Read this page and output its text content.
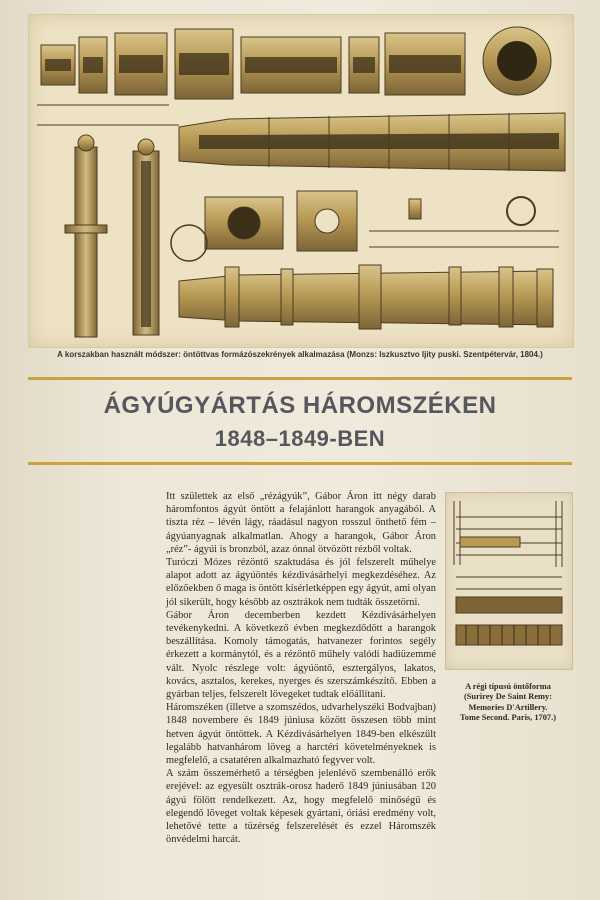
A korszakban használt módszer: öntöttvas formázószekrények alkalmazása (Monzs: Iszkusztvo ljity puski. Szentpétervár, 1804.)
ÁGYÚGYÁRTÁS HÁROMSZÉKEN
1848–1849-BEN

Itt születtek az első „rézágyúk”, Gábor Áron itt négy darab háromfontos ágyút öntött a felajánlott harangok anyagából. A tiszta réz – lévén lágy, ráadásul nagyon rosszul önthető fém – ágyúanyagnak alkalmatlan. Ahogy a harangok, Gábor Áron „réz”- ágyúi is bronzból, azaz ónnal ötvözött rézből voltak.

Turóczi Mózes rézöntő szaktudása és jól felszerelt műhelye alapot adott az ágyúöntés kézdivásárhelyi megkezdéséhez. Az előzőekben ő maga is öntött kísérletképpen egy ágyút, ami olyan jól sikerült, hogy később az osztrákok nem tudták összetörni.

Gábor Áron decemberben kezdett Kézdivásárhelyen tevékenykedni. A következő évben megkezdődött a harangok beszállítása. Komoly támogatás, hatvanezer forintos segély érkezett a kormánytól, és a rézöntő műhely valódi hadiüzemmé vált. Nyolc részlege volt: ágyúöntő, esztergályos, lakatos, kovács, asztalos, kerekes, nyerges és szerszámkészítő. Ebben a gyárban teljes, felszerelt lövegeket tudtak előállítani.

Háromszéken (illetve a szomszédos, udvarhelyszéki Bodvajban) 1848 novembere és 1849 júniusa között összesen több mint hetven ágyút öntöttek. A Kézdivásárhelyen 1849-ben elkészült legalább hatvanhárom löveg a harctéri követelményeknek is megfelelő, a csatatéren alkalmazható fegyver volt.

A szám összemérhető a térségben jelenlévő szembenálló erők erejével: az egyesült osztrák-orosz haderő 1849 júniusában 120 ágyú fölött rendelkezett. Az, hogy megfelelő minőségű és elegendő löveget voltak képesek gyártani, óriási eredmény volt, lehetővé tette a tüzérség felszerelését és ezzel Háromszék önvédelmi harcát.

A régi típusú öntőforma
(Surirey De Saint Remy:
Memories D'Artillery.
Tome Second. Paris, 1707.)
